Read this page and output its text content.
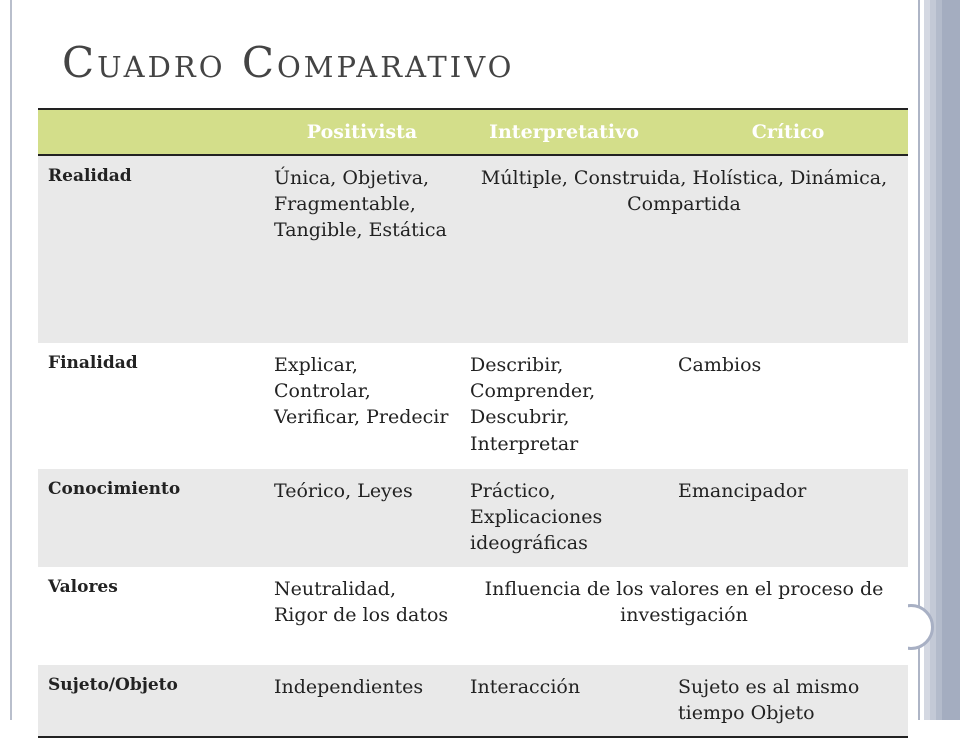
Cuadro Comparativo
	Positivista	Interpretativo	Crítico
Realidad	Única, Objetiva, Fragmentable, Tangible, Estática	Múltiple, Construida, Holística, Dinámica, Compartida	
Finalidad	Explicar, Controlar, Verificar, Predecir	Describir, Comprender, Descubrir, Interpretar	Cambios
Conocimiento	Teórico, Leyes	Práctico, Explicaciones ideográficas	Emancipador
Valores	Neutralidad, Rigor de los datos	Influencia de los valores en el proceso de investigación	
Sujeto/Objeto	Independientes	Interacción	Sujeto es al mismo tiempo Objeto
